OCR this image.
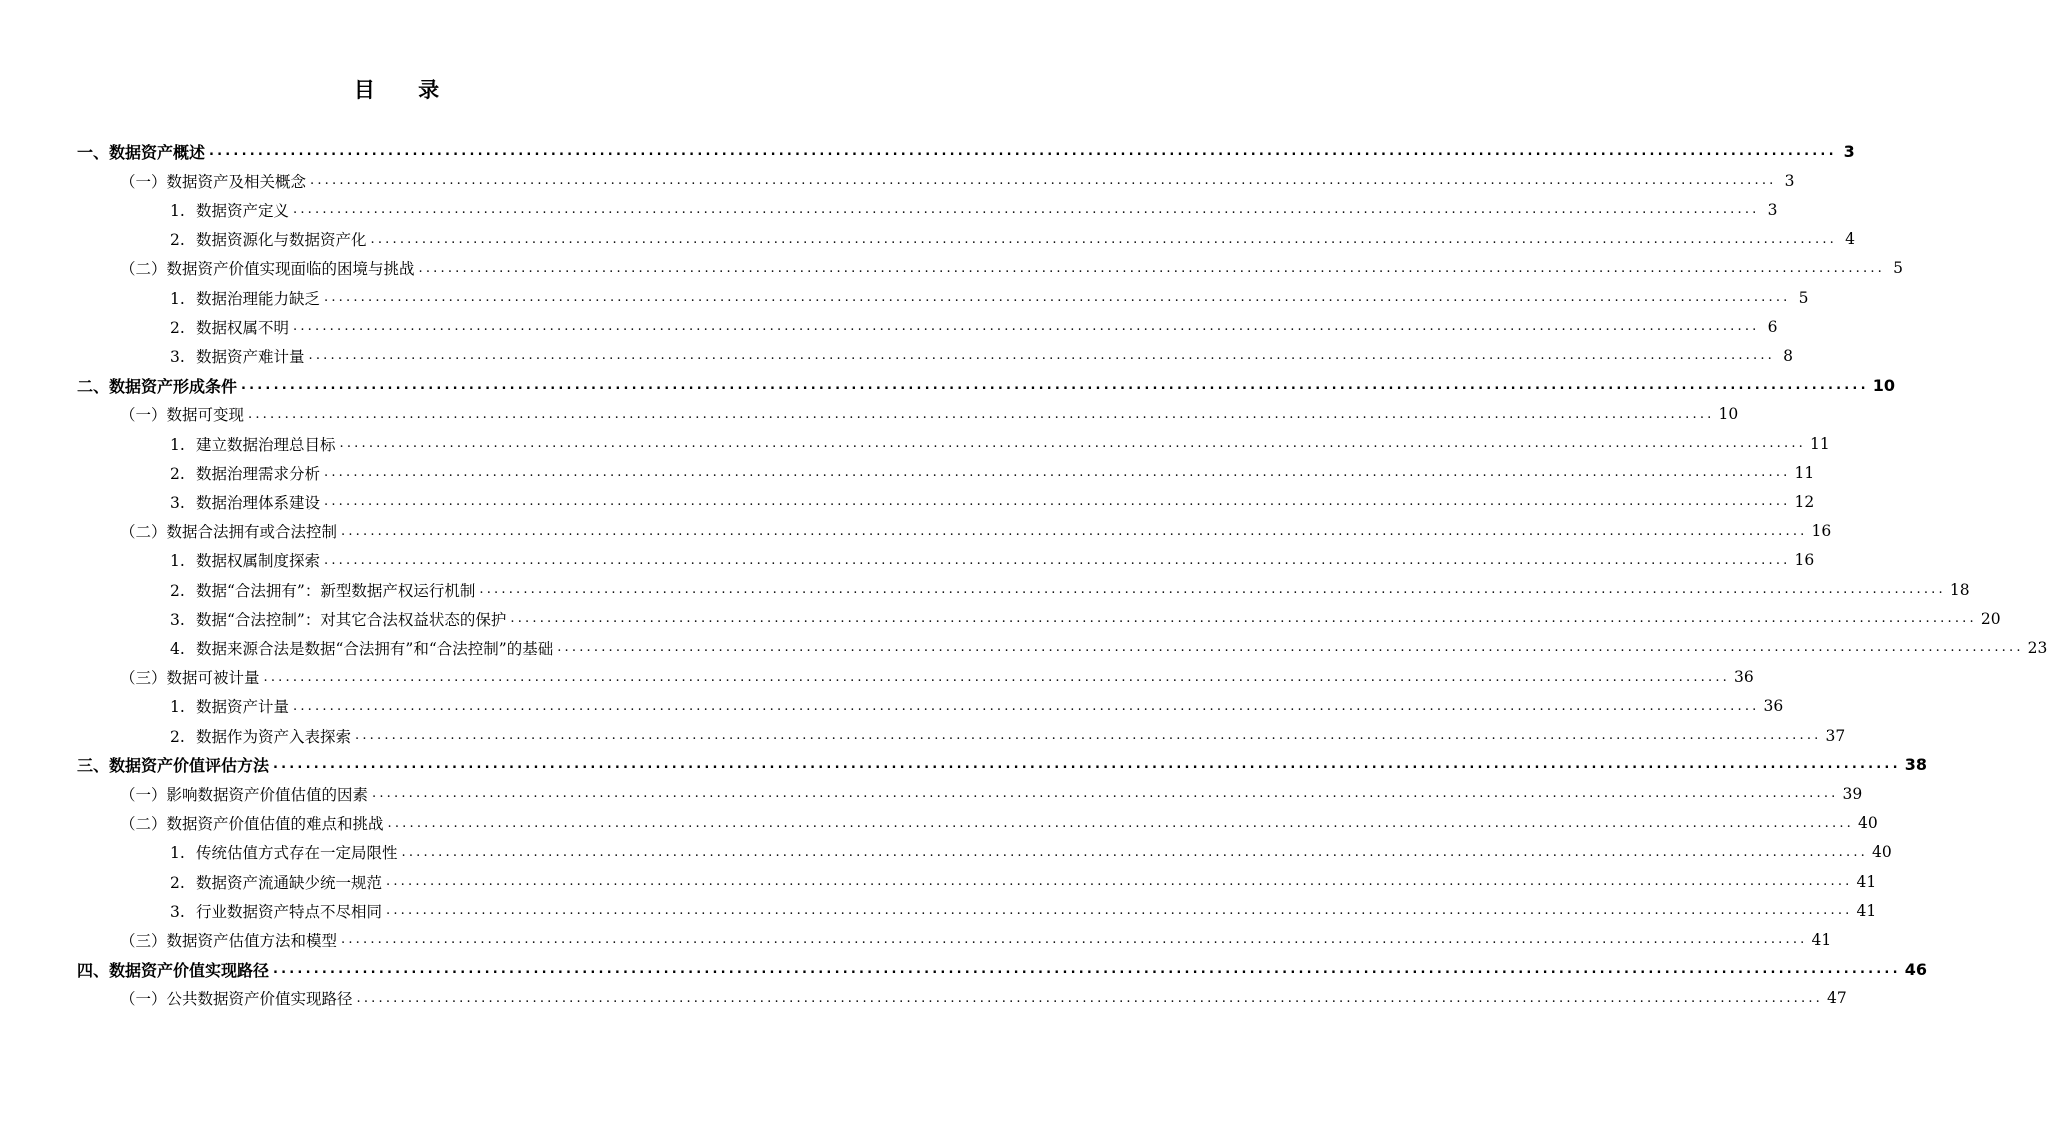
目 录
一、数据资产概述 ........................................................................................................................................................................................................ 3
（一）数据资产及相关概念 ........................................................................................................................................................................................................ 3
1. 数据资产定义 ........................................................................................................................................................................................................ 3
2. 数据资源化与数据资产化 ........................................................................................................................................................................................................ 4
（二）数据资产价值实现面临的困境与挑战 ........................................................................................................................................................................................................ 5
1. 数据治理能力缺乏 ........................................................................................................................................................................................................ 5
2. 数据权属不明 ........................................................................................................................................................................................................ 6
3. 数据资产难计量 ........................................................................................................................................................................................................ 8
二、数据资产形成条件 ........................................................................................................................................................................................................ 10
（一）数据可变现 ........................................................................................................................................................................................................ 10
1. 建立数据治理总目标 ........................................................................................................................................................................................................ 11
2. 数据治理需求分析 ........................................................................................................................................................................................................ 11
3. 数据治理体系建设 ........................................................................................................................................................................................................ 12
（二）数据合法拥有或合法控制 ........................................................................................................................................................................................................ 16
1. 数据权属制度探索 ........................................................................................................................................................................................................ 16
2. 数据“合法拥有”：新型数据产权运行机制 ........................................................................................................................................................................................................ 18
3. 数据“合法控制”：对其它合法权益状态的保护 ........................................................................................................................................................................................................ 20
4. 数据来源合法是数据“合法拥有”和“合法控制”的基础 ........................................................................................................................................................................................................ 23
（三）数据可被计量 ........................................................................................................................................................................................................ 36
1. 数据资产计量 ........................................................................................................................................................................................................ 36
2. 数据作为资产入表探索 ........................................................................................................................................................................................................ 37
三、数据资产价值评估方法 ........................................................................................................................................................................................................ 38
（一）影响数据资产价值估值的因素 ........................................................................................................................................................................................................ 39
（二）数据资产价值估值的难点和挑战 ........................................................................................................................................................................................................ 40
1. 传统估值方式存在一定局限性 ........................................................................................................................................................................................................ 40
2. 数据资产流通缺少统一规范 ........................................................................................................................................................................................................ 41
3. 行业数据资产特点不尽相同 ........................................................................................................................................................................................................ 41
（三）数据资产估值方法和模型 ........................................................................................................................................................................................................ 41
四、数据资产价值实现路径 ........................................................................................................................................................................................................ 46
（一）公共数据资产价值实现路径 ........................................................................................................................................................................................................ 47
